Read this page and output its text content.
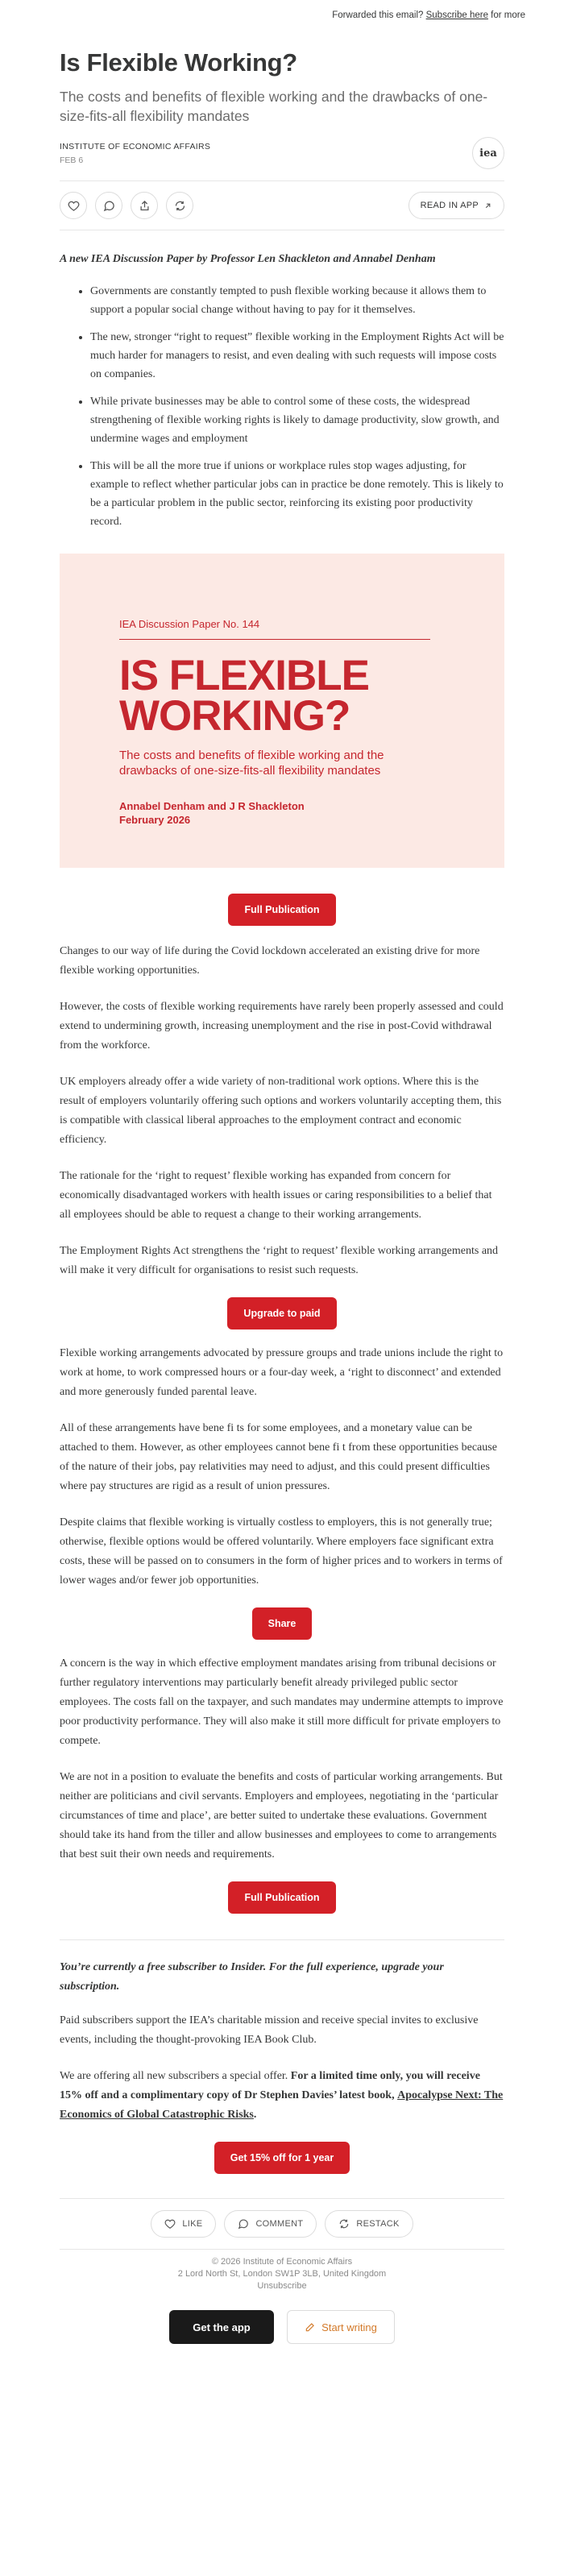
Forwarded this email? Subscribe here for more
Is Flexible Working?
The costs and benefits of flexible working and the drawbacks of one-size-fits-all flexibility mandates
INSTITUTE OF ECONOMIC AFFAIRS
FEB 6
iea
READ IN APP
A new IEA Discussion Paper by Professor Len Shackleton and Annabel Denham
• Governments are constantly tempted to push flexible working because it allows them to support a popular social change without having to pay for it themselves.
• The new, stronger “right to request” flexible working in the Employment Rights Act will be much harder for managers to resist, and even dealing with such requests will impose costs on companies.
• While private businesses may be able to control some of these costs, the widespread strengthening of flexible working rights is likely to damage productivity, slow growth, and undermine wages and employment
• This will be all the more true if unions or workplace rules stop wages adjusting, for example to reflect whether particular jobs can in practice be done remotely. This is likely to be a particular problem in the public sector, reinforcing its existing poor productivity record.
IEA Discussion Paper No. 144
IS FLEXIBLE
WORKING?
The costs and benefits of flexible working and the drawbacks of one-size-fits-all flexibility mandates
Annabel Denham and J R Shackleton
February 2026
Full Publication

Changes to our way of life during the Covid lockdown accelerated an existing drive for more flexible working opportunities.

However, the costs of flexible working requirements have rarely been properly assessed and could extend to undermining growth, increasing unemployment and the rise in post-Covid withdrawal from the workforce.

UK employers already offer a wide variety of non-traditional work options. Where this is the result of employers voluntarily offering such options and workers voluntarily accepting them, this is compatible with classical liberal approaches to the employment contract and economic efficiency.

The rationale for the ‘right to request’ flexible working has expanded from concern for economically disadvantaged workers with health issues or caring responsibilities to a belief that all employees should be able to request a change to their working arrangements.

The Employment Rights Act strengthens the ‘right to request’ flexible working arrangements and will make it very difficult for organisations to resist such requests.

Upgrade to paid

Flexible working arrangements advocated by pressure groups and trade unions include the right to work at home, to work compressed hours or a four-day week, a ‘right to disconnect’ and extended and more generously funded parental leave.

All of these arrangements have bene fi ts for some employees, and a monetary value can be attached to them. However, as other employees cannot bene fi t from these opportunities because of the nature of their jobs, pay relativities may need to adjust, and this could present difficulties where pay structures are rigid as a result of union pressures.

Despite claims that flexible working is virtually costless to employers, this is not generally true; otherwise, flexible options would be offered voluntarily. Where employers face significant extra costs, these will be passed on to consumers in the form of higher prices and to workers in terms of lower wages and/or fewer job opportunities.

Share

A concern is the way in which effective employment mandates arising from tribunal decisions or further regulatory interventions may particularly benefit already privileged public sector employees. The costs fall on the taxpayer, and such mandates may undermine attempts to improve poor productivity performance. They will also make it still more difficult for private employers to compete.

We are not in a position to evaluate the benefits and costs of particular working arrangements. But neither are politicians and civil servants. Employers and employees, negotiating in the ‘particular circumstances of time and place’, are better suited to undertake these evaluations. Government should take its hand from the tiller and allow businesses and employees to come to arrangements that best suit their own needs and requirements.

Full Publication

You’re currently a free subscriber to Insider. For the full experience, upgrade your subscription.

Paid subscribers support the IEA’s charitable mission and receive special invites to exclusive events, including the thought-provoking IEA Book Club.

We are offering all new subscribers a special offer. For a limited time only, you will receive 15% off and a complimentary copy of Dr Stephen Davies’ latest book, Apocalypse Next: The Economics of Global Catastrophic Risks.

Get 15% off for 1 year
LIKE	COMMENT	RESTACK
© 2026 Institute of Economic Affairs
2 Lord North St, London SW1P 3LB, United Kingdom
Unsubscribe
Get the app	Start writing
